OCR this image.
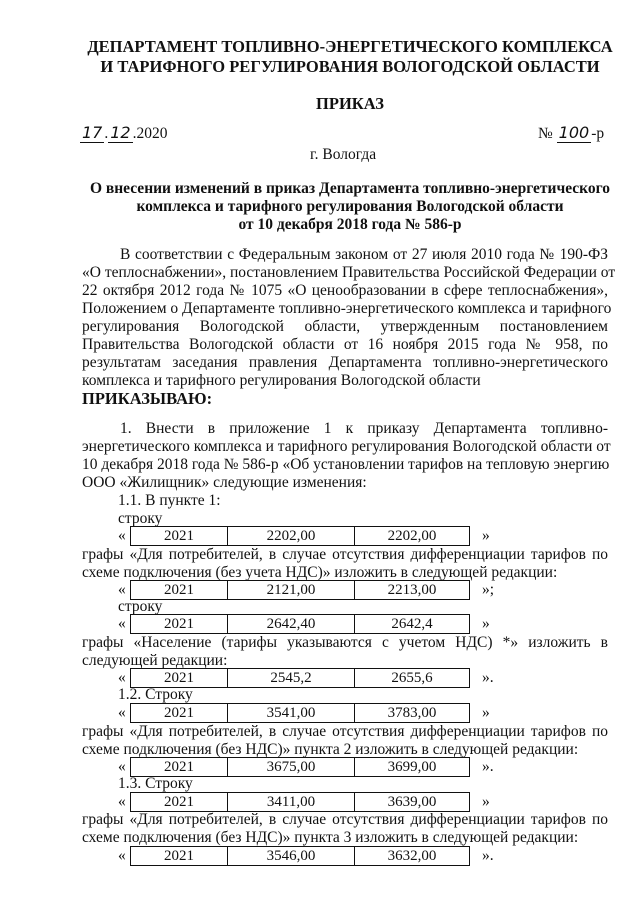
ДЕПАРТАМЕНТ ТОПЛИВНО-ЭНЕРГЕТИЧЕСКОГО КОМПЛЕКСА
И ТАРИФНОГО РЕГУЛИРОВАНИЯ ВОЛОГОДСКОЙ ОБЛАСТИ
ПРИКАЗ
17 . 12 .2020	№ 100 -р
г. Вологда
О внесении изменений в приказ Департамента топливно-энергетического
комплекса и тарифного регулирования Вологодской области
от 10 декабря 2018 года № 586-р
В соответствии с Федеральным законом от 27 июля 2010 года № 190-ФЗ
«О теплоснабжении», постановлением Правительства Российской Федерации от
22 октября 2012 года № 1075 «О ценообразовании в сфере теплоснабжения»,
Положением о Департаменте топливно-энергетического комплекса и тарифного
регулирования Вологодской области, утвержденным постановлением
Правительства Вологодской области от 16 ноября 2015 года № 958, по
результатам заседания правления Департамента топливно-энергетического
комплекса и тарифного регулирования Вологодской области
ПРИКАЗЫВАЮ:
1. Внести в приложение 1 к приказу Департамента топливно-
энергетического комплекса и тарифного регулирования Вологодской области от
10 декабря 2018 года № 586-р «Об установлении тарифов на тепловую энергию
ООО «Жилищник» следующие изменения:
1.1. В пункте 1:
строку
«	2021	2202,00	2202,00	»
графы «Для потребителей, в случае отсутствия дифференциации тарифов по
схеме подключения (без учета НДС)» изложить в следующей редакции:
«	2021	2121,00	2213,00	»;
строку
«	2021	2642,40	2642,4	»
графы «Население (тарифы указываются с учетом НДС) *» изложить в
следующей редакции:
«	2021	2545,2	2655,6	».
1.2. Строку
«	2021	3541,00	3783,00	»
графы «Для потребителей, в случае отсутствия дифференциации тарифов по
схеме подключения (без НДС)» пункта 2 изложить в следующей редакции:
«	2021	3675,00	3699,00	».
1.3. Строку
«	2021	3411,00	3639,00	»
графы «Для потребителей, в случае отсутствия дифференциации тарифов по
схеме подключения (без НДС)» пункта 3 изложить в следующей редакции:
«	2021	3546,00	3632,00	».
